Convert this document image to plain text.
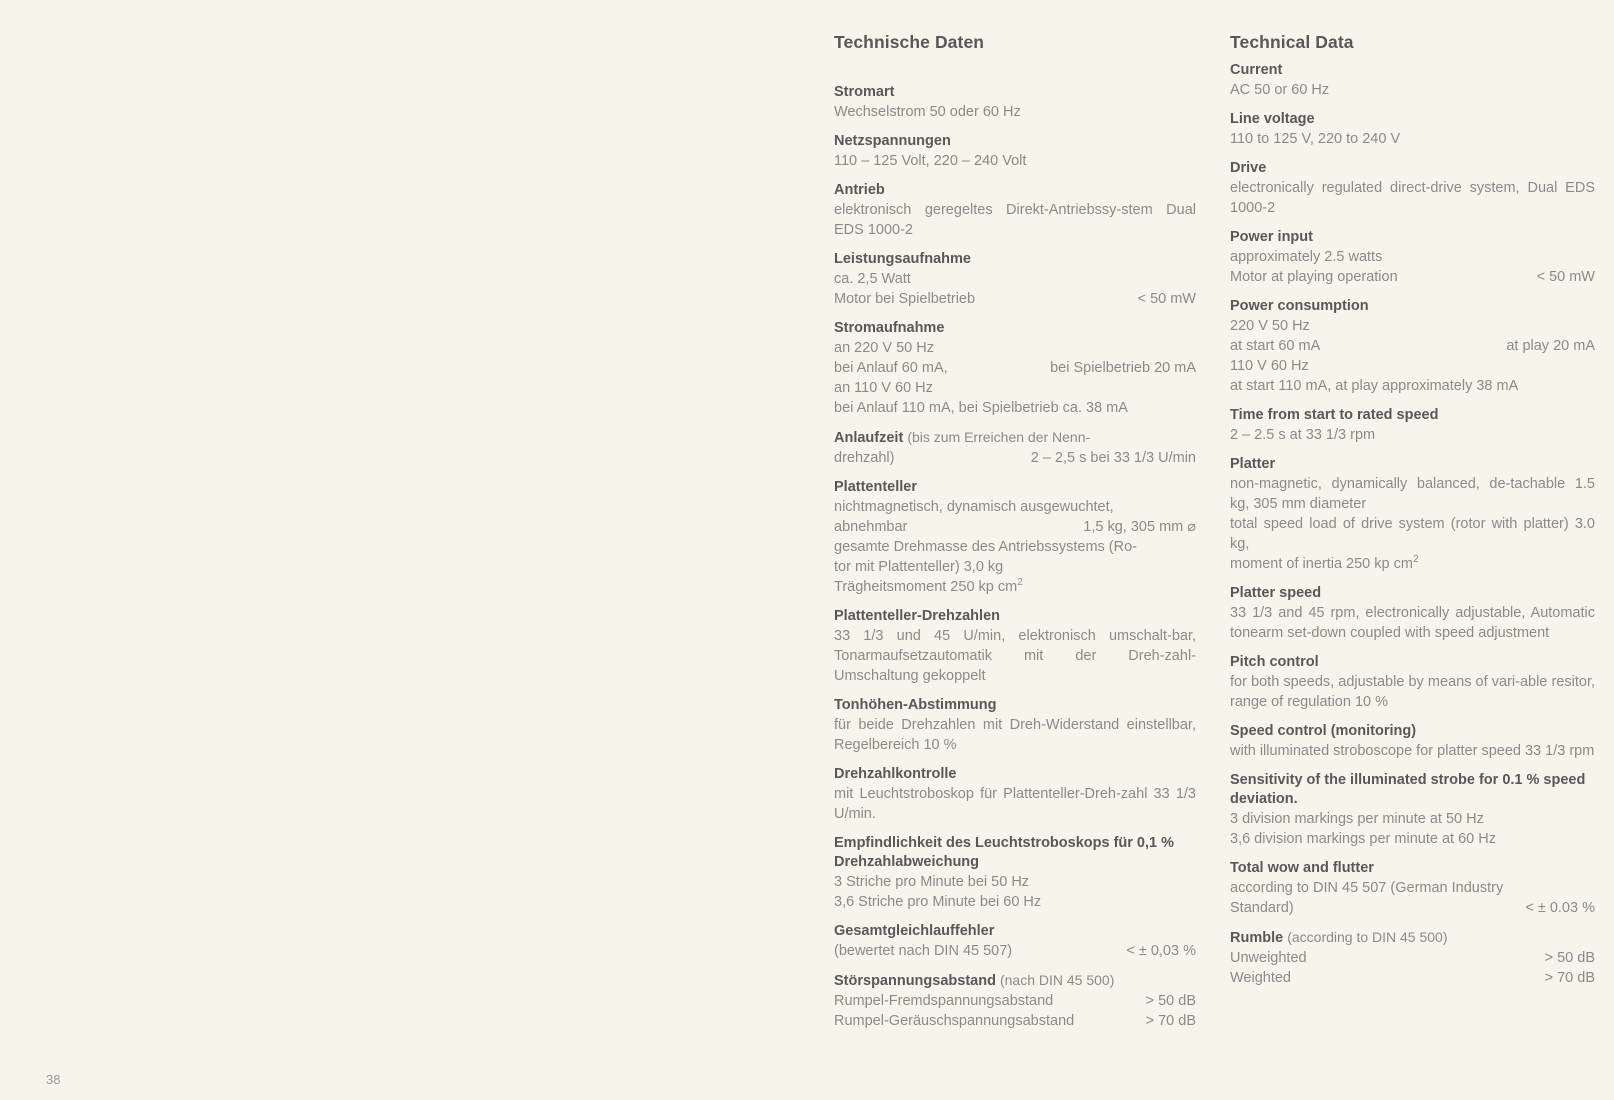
38
Technische Daten

Stromart

Wechselstrom 50 oder 60 Hz

Netzspannungen

110 – 125 Volt, 220 – 240 Volt

Antrieb

elektronisch geregeltes Direkt-Antriebssy-stem Dual EDS 1000-2

Leistungsaufnahme

ca. 2,5 Watt

Motor bei Spielbetrieb	< 50 mW

Stromaufnahme

an 220 V 50 Hz

bei Anlauf 60 mA,	bei Spielbetrieb 20 mA

an 110 V 60 Hz

bei Anlauf 110 mA, bei Spielbetrieb ca. 38 mA

Anlaufzeit (bis zum Erreichen der Nenn-

drehzahl)	2 – 2,5 s bei 33 1/3 U/min

Plattenteller

nichtmagnetisch, dynamisch ausgewuchtet,

abnehmbar	1,5 kg, 305 mm ⌀

gesamte Drehmasse des Antriebssystems (Ro-

tor mit Plattenteller) 3,0 kg

Trägheitsmoment 250 kp $cm^2$

Plattenteller-Drehzahlen

33 1/3 und 45 U/min, elektronisch umschalt-bar, Tonarmaufsetzautomatik mit der Dreh-zahl-Umschaltung gekoppelt

Tonhöhen-Abstimmung

für beide Drehzahlen mit Dreh-Widerstand einstellbar, Regelbereich 10 %

Drehzahlkontrolle

mit Leuchtstroboskop für Plattenteller-Dreh-zahl 33 1/3 U/min.

Empfindlichkeit des Leuchtstroboskops für 0,1 % Drehzahlabweichung

3 Striche pro Minute bei 50 Hz

3,6 Striche pro Minute bei 60 Hz

Gesamtgleichlauffehler

(bewertet nach DIN 45 507)	< ± 0,03 %

Störspannungsabstand (nach DIN 45 500)

Rumpel-Fremdspannungsabstand	> 50 dB
Rumpel-Geräuschspannungsabstand	> 70 dB
Technical Data

Current

AC 50 or 60 Hz

Line voltage

110 to 125 V, 220 to 240 V

Drive

electronically regulated direct-drive system, Dual EDS 1000-2

Power input

approximately 2.5 watts

Motor at playing operation	< 50 mW

Power consumption

220 V 50 Hz

at start 60 mA	at play 20 mA

110 V 60 Hz

at start 110 mA, at play approximately 38 mA

Time from start to rated speed

2 – 2.5 s at 33 1/3 rpm

Platter

non-magnetic, dynamically balanced, de-tachable 1.5 kg, 305 mm diameter

total speed load of drive system (rotor with platter) 3.0 kg,

moment of inertia 250 kp $cm^2$

Platter speed

33 1/3 and 45 rpm, electronically adjustable, Automatic tonearm set-down coupled with speed adjustment

Pitch control

for both speeds, adjustable by means of vari-able resitor, range of regulation 10 %

Speed control (monitoring)

with illuminated stroboscope for platter speed 33 1/3 rpm

Sensitivity of the illuminated strobe for 0.1 % speed deviation.

3 division markings per minute at 50 Hz

3,6 division markings per minute at 60 Hz

Total wow and flutter

according to DIN 45 507 (German Industry

Standard)	< ± 0.03 %

Rumble (according to DIN 45 500)

Unweighted	> 50 dB
Weighted	> 70 dB
